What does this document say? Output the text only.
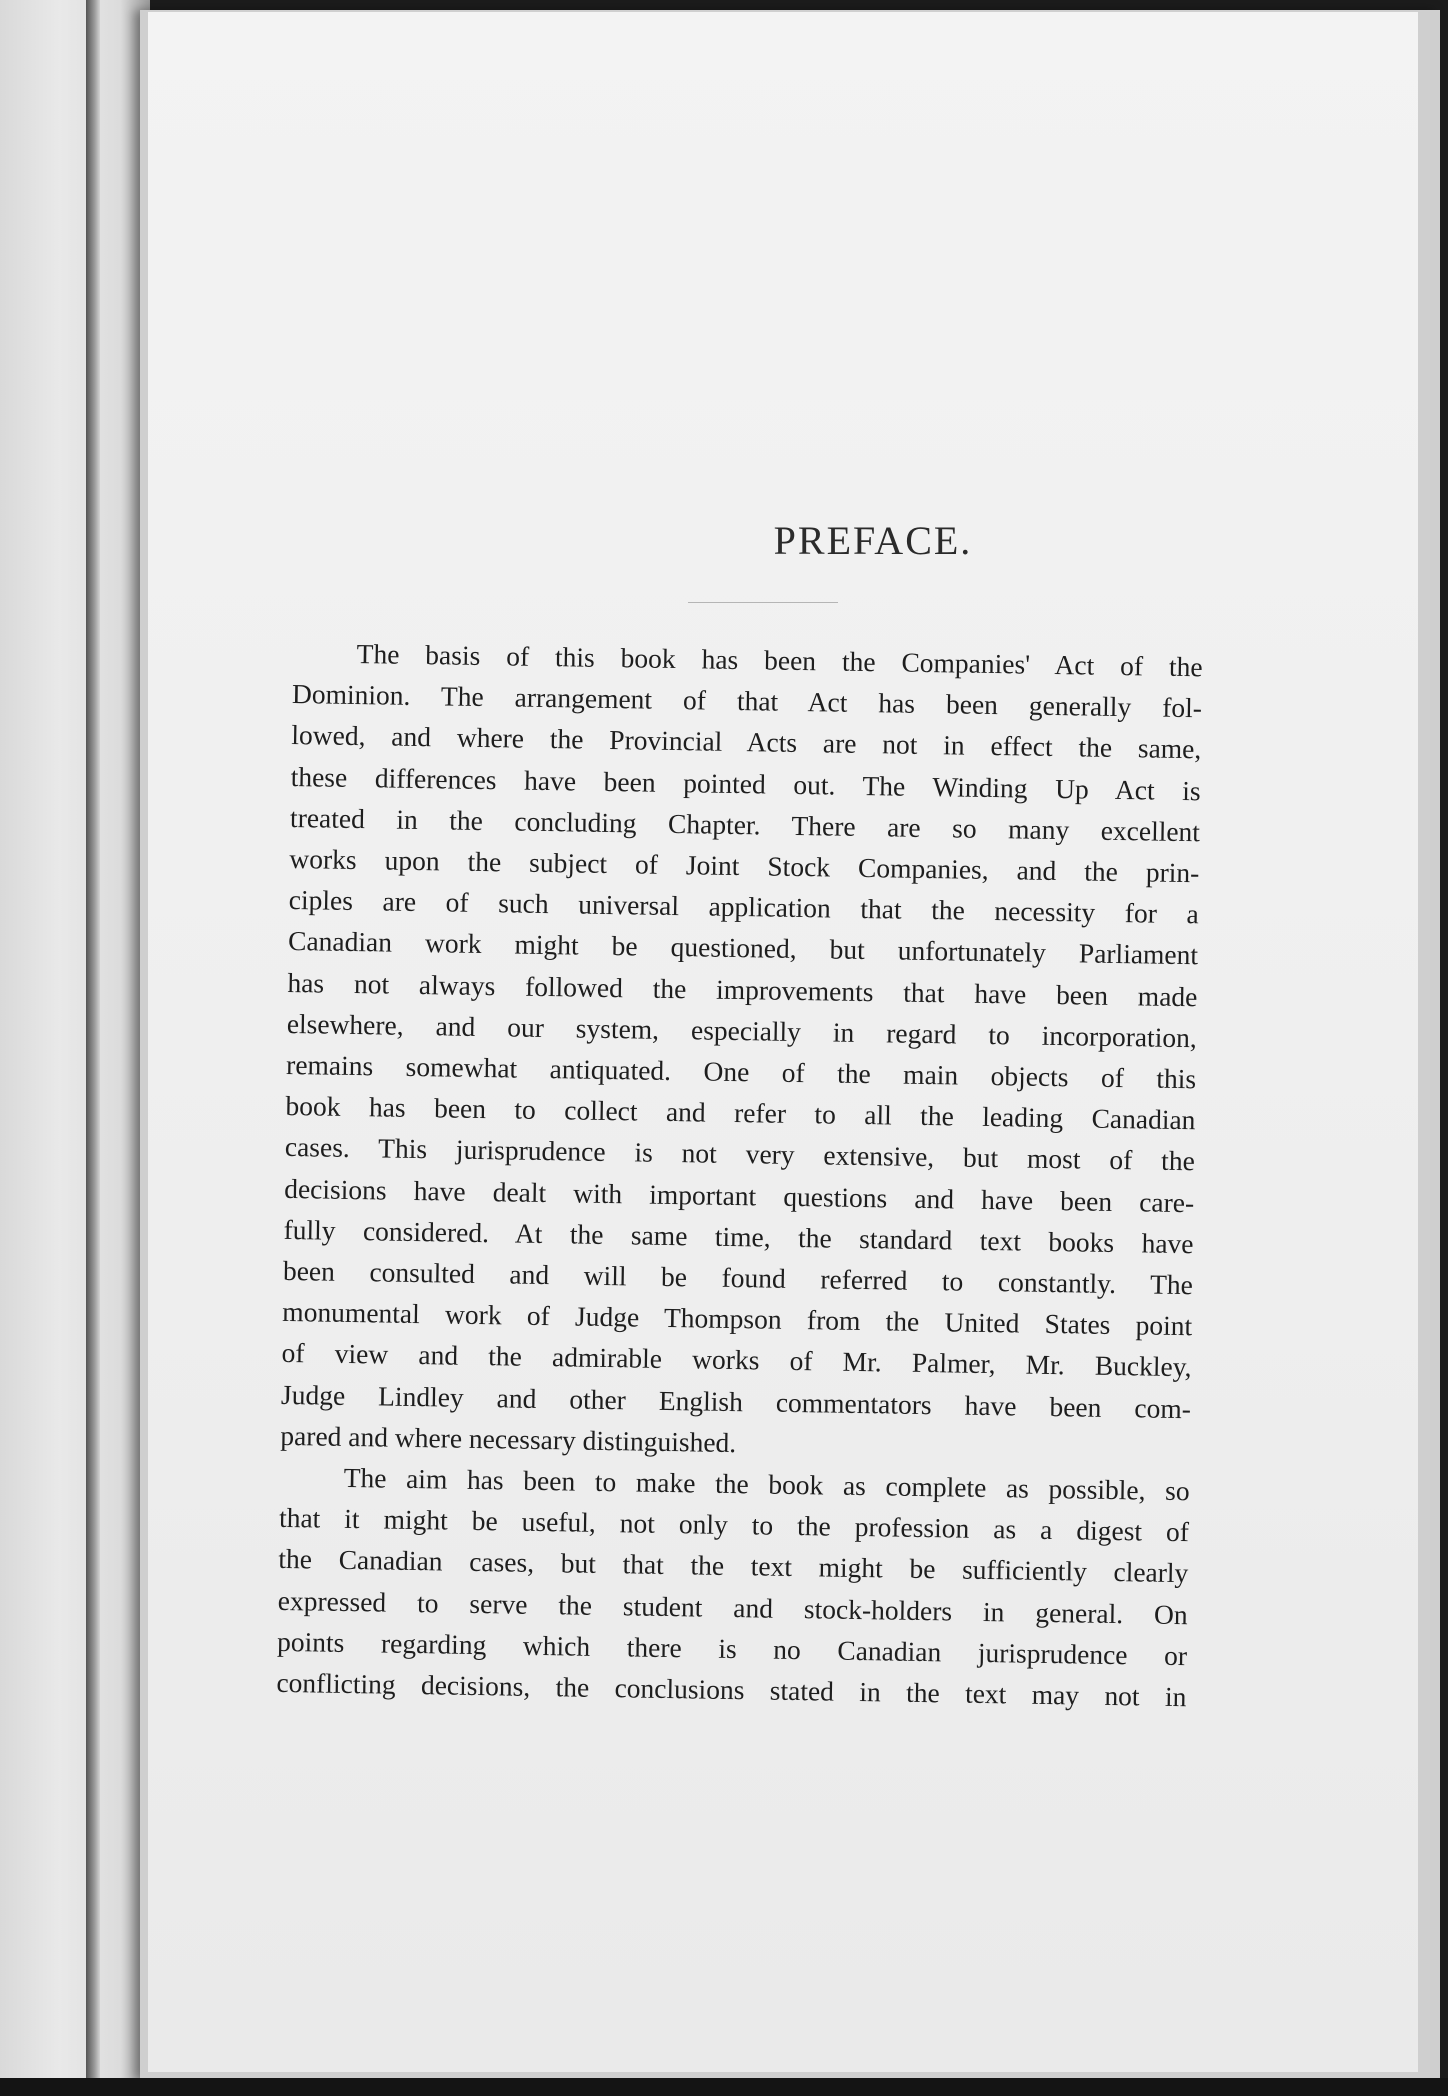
PREFACE.
The basis of this book has been the Companies' Act of the
Dominion. The arrangement of that Act has been generally fol-
lowed, and where the Provincial Acts are not in effect the same,
these differences have been pointed out. The Winding Up Act is
treated in the concluding Chapter. There are so many excellent
works upon the subject of Joint Stock Companies, and the prin-
ciples are of such universal application that the necessity for a
Canadian work might be questioned, but unfortunately Parliament
has not always followed the improvements that have been made
elsewhere, and our system, especially in regard to incorporation,
remains somewhat antiquated. One of the main objects of this
book has been to collect and refer to all the leading Canadian
cases. This jurisprudence is not very extensive, but most of the
decisions have dealt with important questions and have been care-
fully considered. At the same time, the standard text books have
been consulted and will be found referred to constantly. The
monumental work of Judge Thompson from the United States point
of view and the admirable works of Mr. Palmer, Mr. Buckley,
Judge Lindley and other English commentators have been com-
pared and where necessary distinguished.
The aim has been to make the book as complete as possible, so
that it might be useful, not only to the profession as a digest of
the Canadian cases, but that the text might be sufficiently clearly
expressed to serve the student and stock-holders in general. On
points regarding which there is no Canadian jurisprudence or
conflicting decisions, the conclusions stated in the text may not in
